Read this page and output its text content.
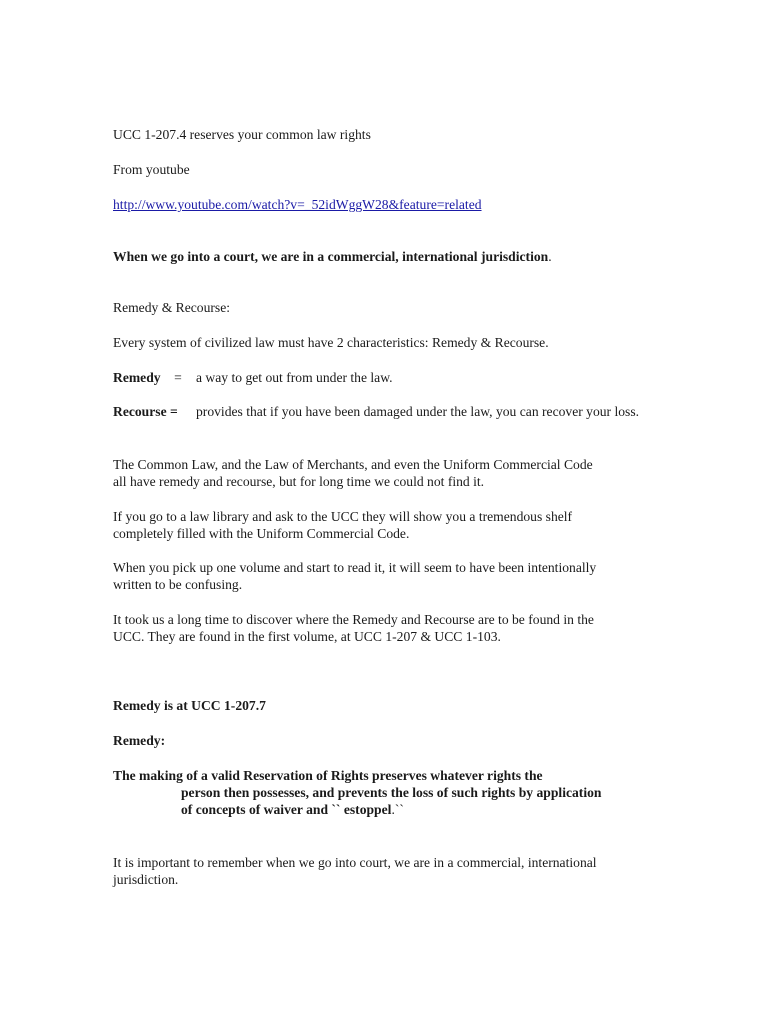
UCC 1-207.4 reserves your common law rights

From youtube

http://www.youtube.com/watch?v=_52idWggW28&feature=related

When we go into a court, we are in a commercial, international jurisdiction.

Remedy & Recourse:

Every system of civilized law must have 2 characteristics: Remedy & Recourse.

Remedy = a way to get out from under the law.
Recourse = provides that if you have been damaged under the law, you can recover your loss.
The Common Law, and the Law of Merchants, and even the Uniform Commercial Code
all have remedy and recourse, but for long time we could not find it.
If you go to a law library and ask to the UCC they will show you a tremendous shelf
completely filled with the Uniform Commercial Code.
When you pick up one volume and start to read it, it will seem to have been intentionally
written to be confusing.
It took us a long time to discover where the Remedy and Recourse are to be found in the
UCC. They are found in the first volume, at UCC 1-207 & UCC 1-103.

Remedy is at UCC 1-207.7

Remedy:

The making of a valid Reservation of Rights preserves whatever rights the
person then possesses, and prevents the loss of such rights by application
of concepts of waiver and `` estoppel.``
It is important to remember when we go into court, we are in a commercial, international
jurisdiction.
